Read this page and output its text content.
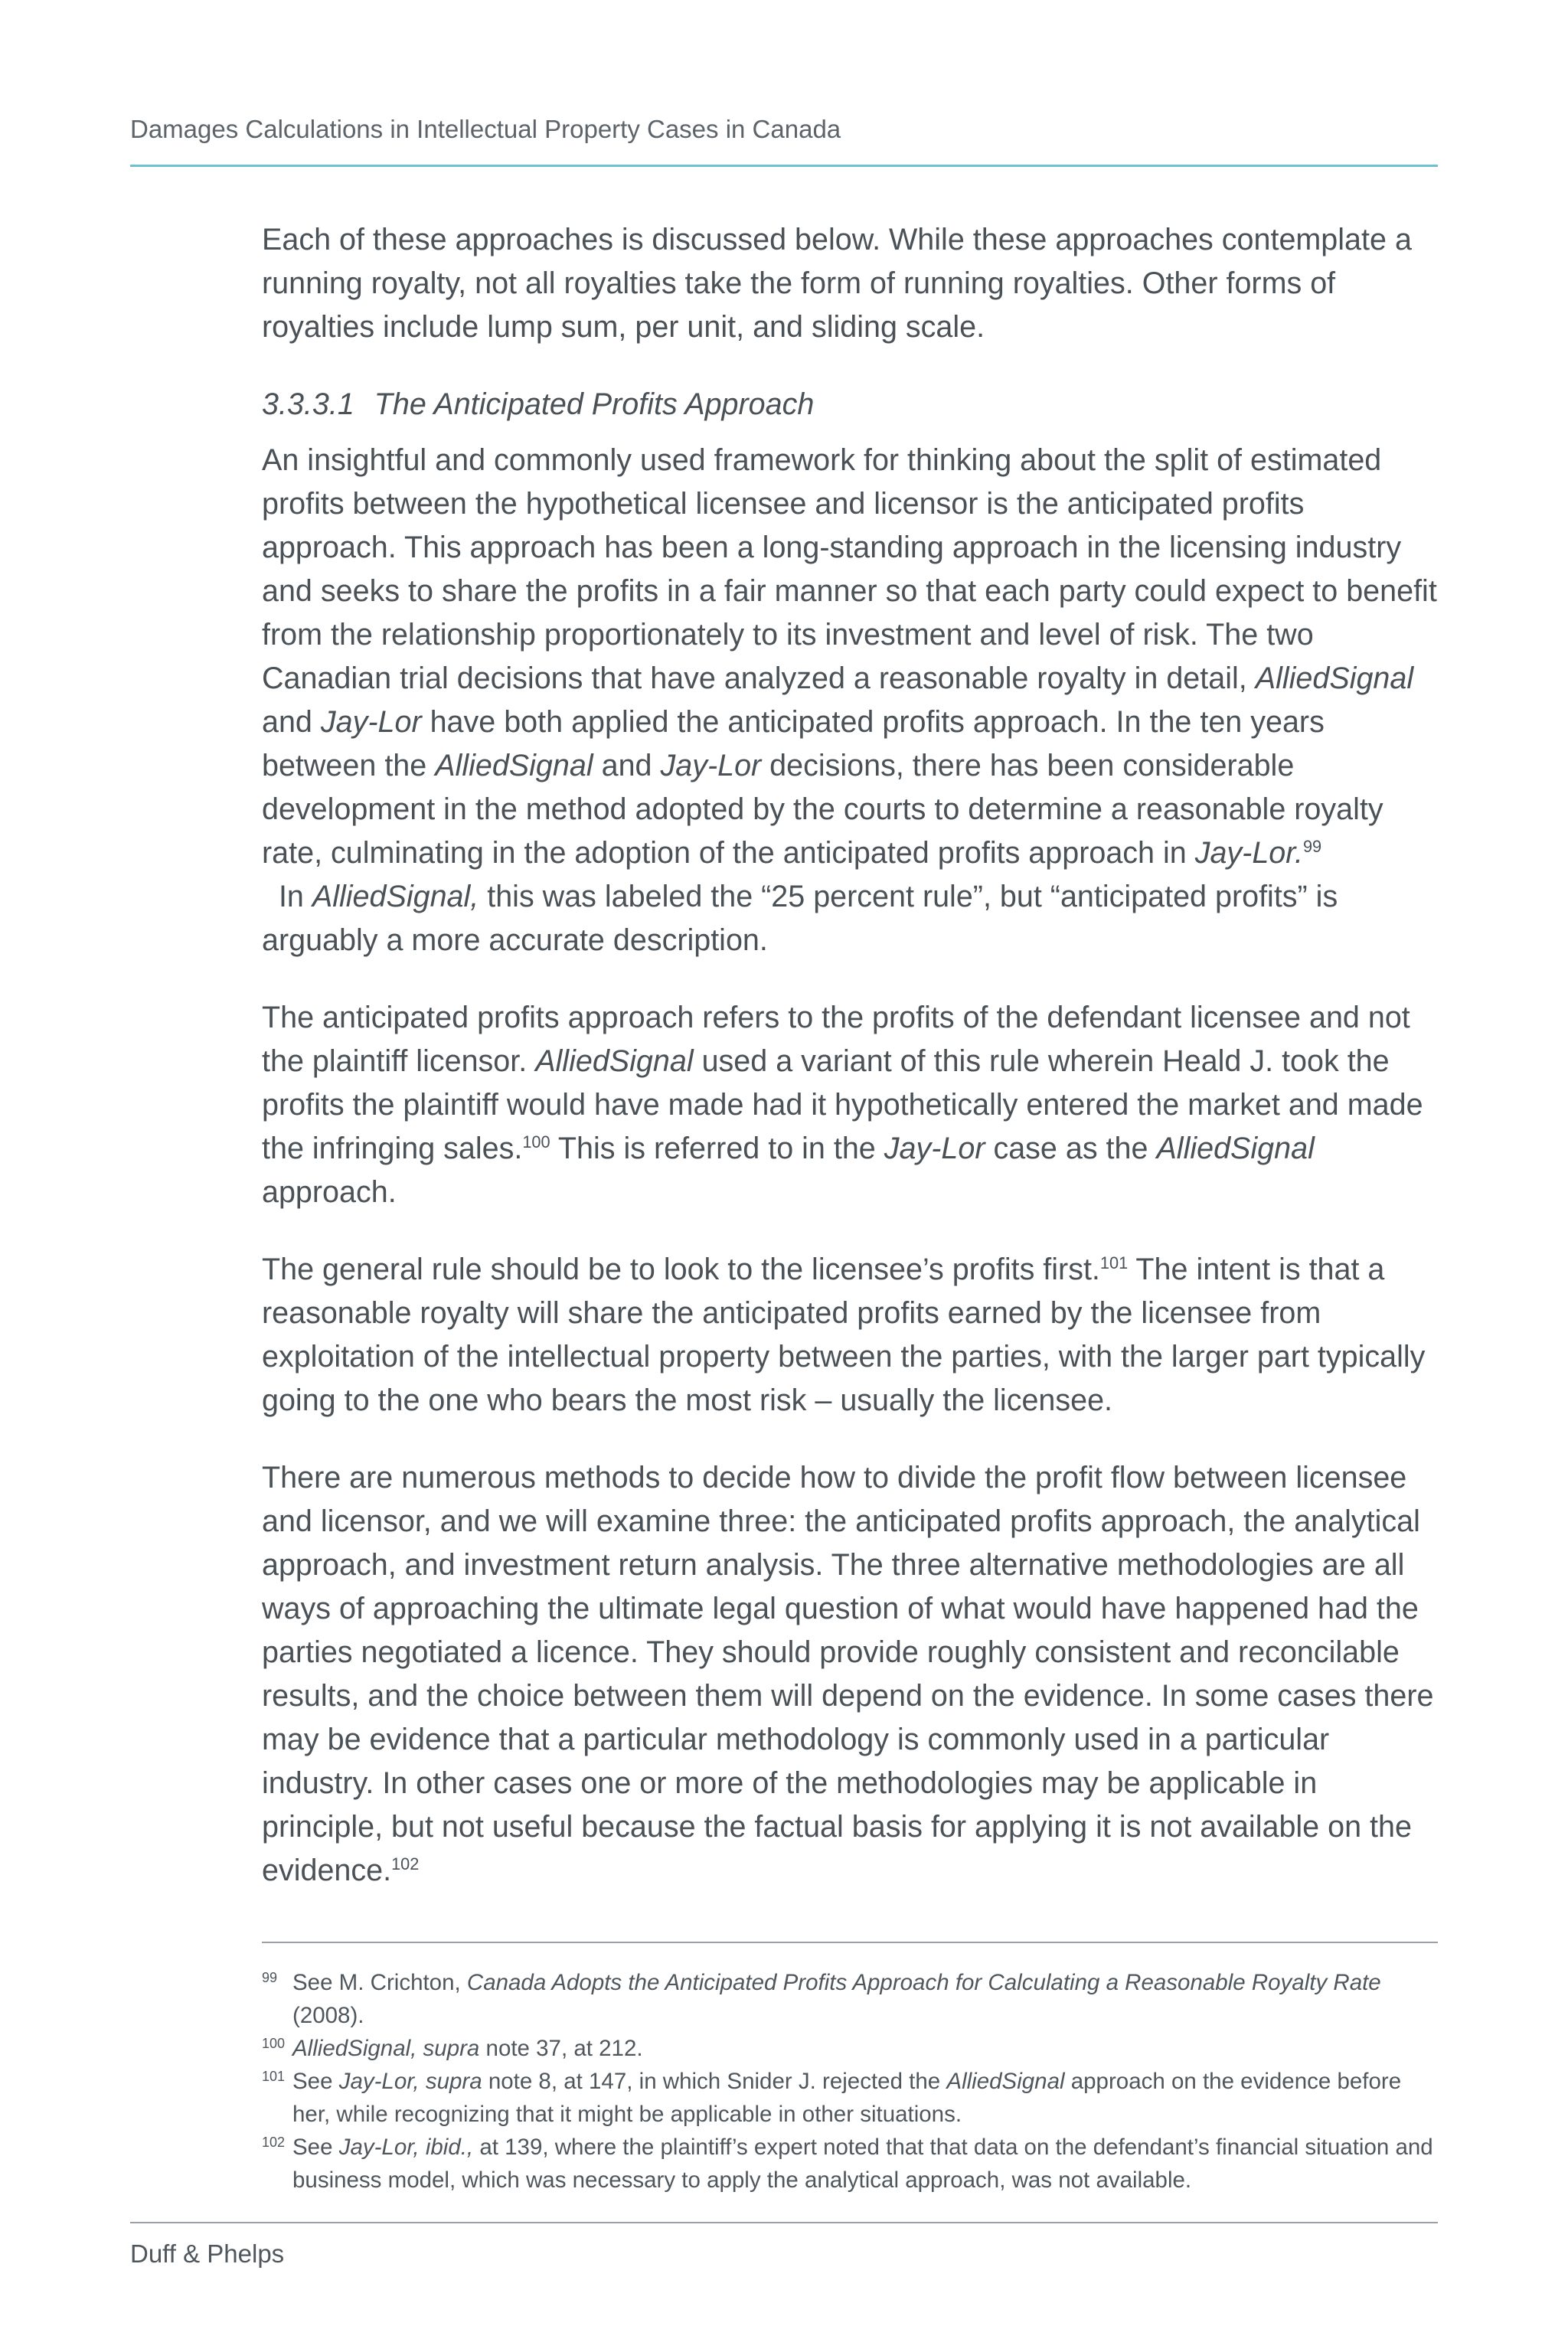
Damages Calculations in Intellectual Property Cases in Canada

Each of these approaches is discussed below. While these approaches contemplate a running royalty, not all royalties take the form of running royalties. Other forms of royalties include lump sum, per unit, and sliding scale.

3.3.3.1 The Anticipated Profits Approach

An insightful and commonly used framework for thinking about the split of estimated profits between the hypothetical licensee and licensor is the anticipated profits approach. This approach has been a long-standing approach in the licensing industry and seeks to share the profits in a fair manner so that each party could expect to benefit from the relationship proportionately to its investment and level of risk. The two Canadian trial decisions that have analyzed a reasonable royalty in detail, AlliedSignal and Jay-Lor have both applied the anticipated profits approach. In the ten years between the AlliedSignal and Jay-Lor decisions, there has been considerable development in the method adopted by the courts to determine a reasonable royalty rate, culminating in the adoption of the anticipated profits approach in Jay-Lor.$^{99}$  In AlliedSignal, this was labeled the “25 percent rule”, but “anticipated profits” is arguably a more accurate description.

The anticipated profits approach refers to the profits of the defendant licensee and not the plaintiff licensor. AlliedSignal used a variant of this rule wherein Heald J. took the profits the plaintiff would have made had it hypothetically entered the market and made the infringing sales.$^{100}$ This is referred to in the Jay-Lor case as the AlliedSignal approach.

The general rule should be to look to the licensee’s profits first.$^{101}$ The intent is that a reasonable royalty will share the anticipated profits earned by the licensee from exploitation of the intellectual property between the parties, with the larger part typically going to the one who bears the most risk – usually the licensee.

There are numerous methods to decide how to divide the profit flow between licensee and licensor, and we will examine three: the anticipated profits approach, the analytical approach, and investment return analysis. The three alternative methodologies are all ways of approaching the ultimate legal question of what would have happened had the parties negotiated a licence. They should provide roughly consistent and reconcilable results, and the choice between them will depend on the evidence. In some cases there may be evidence that a particular methodology is commonly used in a particular industry. In other cases one or more of the methodologies may be applicable in principle, but not useful because the factual basis for applying it is not available on the evidence.$^{102}$

99 See M. Crichton, Canada Adopts the Anticipated Profits Approach for Calculating a Reasonable Royalty Rate (2008).
100 AlliedSignal, supra note 37, at 212.
101 See Jay-Lor, supra note 8, at 147, in which Snider J. rejected the AlliedSignal approach on the evidence before her, while recognizing that it might be applicable in other situations.
102 See Jay-Lor, ibid., at 139, where the plaintiff’s expert noted that that data on the defendant’s financial situation and business model, which was necessary to apply the analytical approach, was not available.
Duff & Phelps
